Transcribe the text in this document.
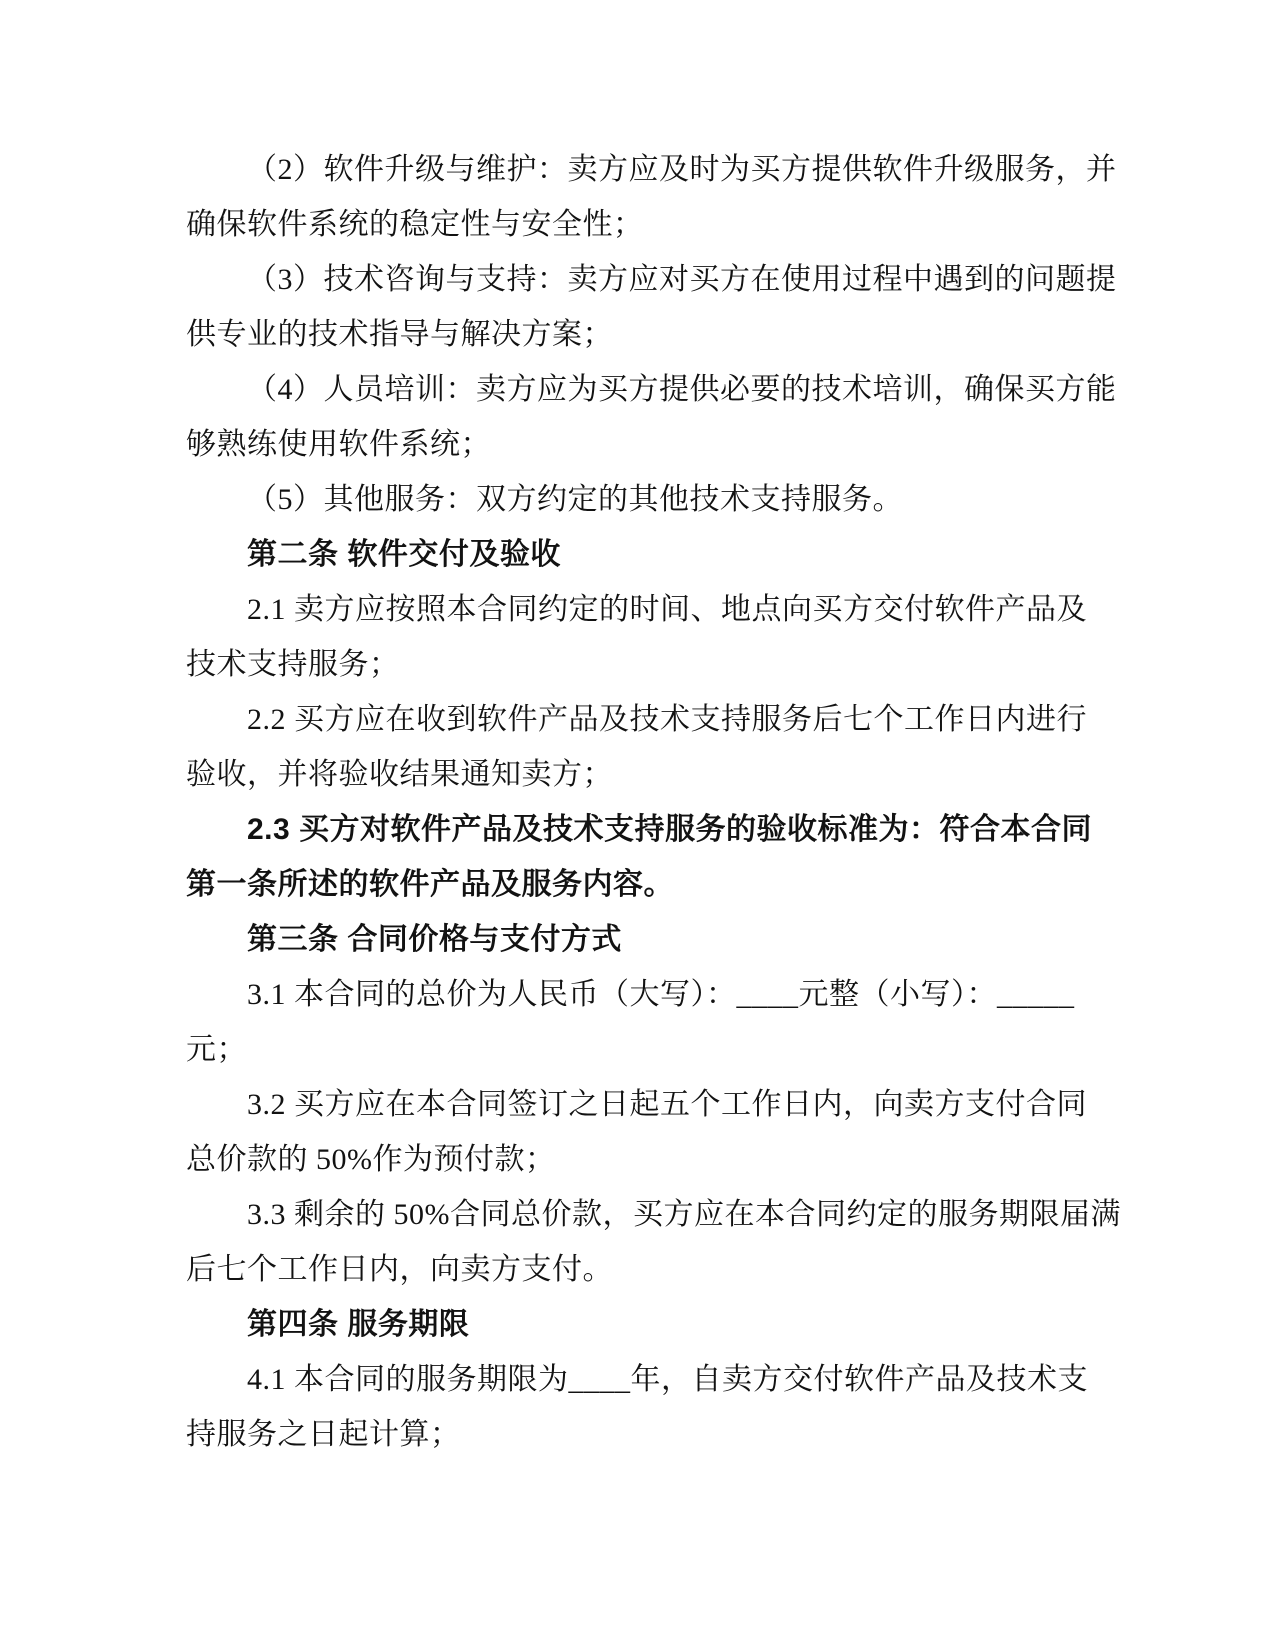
（2）软件升级与维护：卖方应及时为买方提供软件升级服务，并
确保软件系统的稳定性与安全性；
（3）技术咨询与支持：卖方应对买方在使用过程中遇到的问题提
供专业的技术指导与解决方案；
（4）人员培训：卖方应为买方提供必要的技术培训，确保买方能
够熟练使用软件系统；
（5）其他服务：双方约定的其他技术支持服务。
第二条 软件交付及验收
2.1 卖方应按照本合同约定的时间、地点向买方交付软件产品及
技术支持服务；
2.2 买方应在收到软件产品及技术支持服务后七个工作日内进行
验收，并将验收结果通知卖方；
2.3 买方对软件产品及技术支持服务的验收标准为：符合本合同
第一条所述的软件产品及服务内容。
第三条 合同价格与支付方式
3.1 本合同的总价为人民币（大写）：____元整（小写）：_____
元；
3.2 买方应在本合同签订之日起五个工作日内，向卖方支付合同
总价款的 50%作为预付款；
3.3 剩余的 50%合同总价款，买方应在本合同约定的服务期限届满
后七个工作日内，向卖方支付。
第四条 服务期限
4.1 本合同的服务期限为____年，自卖方交付软件产品及技术支
持服务之日起计算；
